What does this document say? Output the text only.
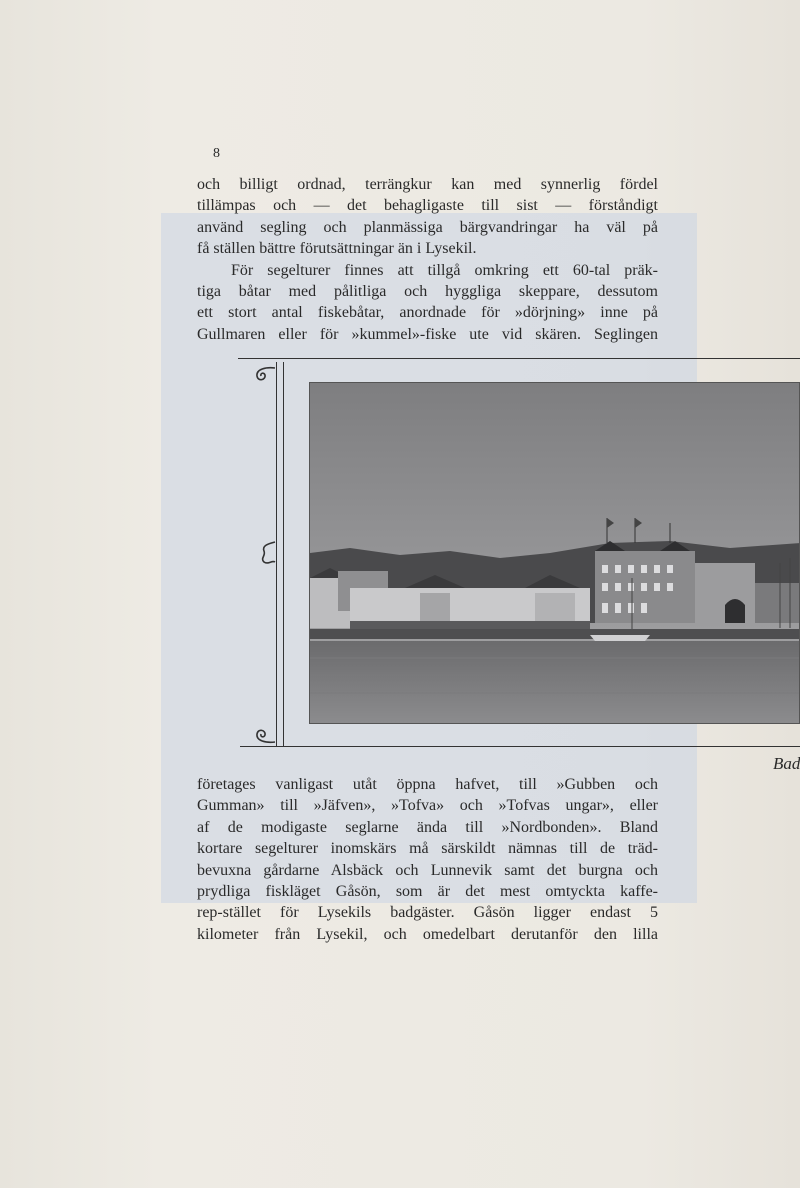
8
och billigt ordnad, terrängkur kan med synnerlig fördel
tillämpas och — det behagligaste till sist — förståndigt
använd segling och planmässiga bärgvandringar ha väl på
få ställen bättre förutsättningar än i Lysekil.
För segelturer finnes att tillgå omkring ett 60-tal präk-
tiga båtar med pålitliga och hyggliga skeppare, dessutom
ett stort antal fiskebåtar, anordnade för »dörjning» inne på
Gullmaren eller för »kummel»-fiske ute vid skären. Seglingen
Bad
företages vanligast utåt öppna hafvet, till »Gubben och
Gumman» till »Jäfven», »Tofva» och »Tofvas ungar», eller
af de modigaste seglarne ända till »Nordbonden». Bland
kortare segelturer inomskärs må särskildt nämnas till de träd-
bevuxna gårdarne Alsbäck och Lunnevik samt det burgna och
prydliga fiskläget Gåsön, som är det mest omtyckta kaffe-
rep-stället för Lysekils badgäster. Gåsön ligger endast 5
kilometer från Lysekil, och omedelbart derutanför den lilla
